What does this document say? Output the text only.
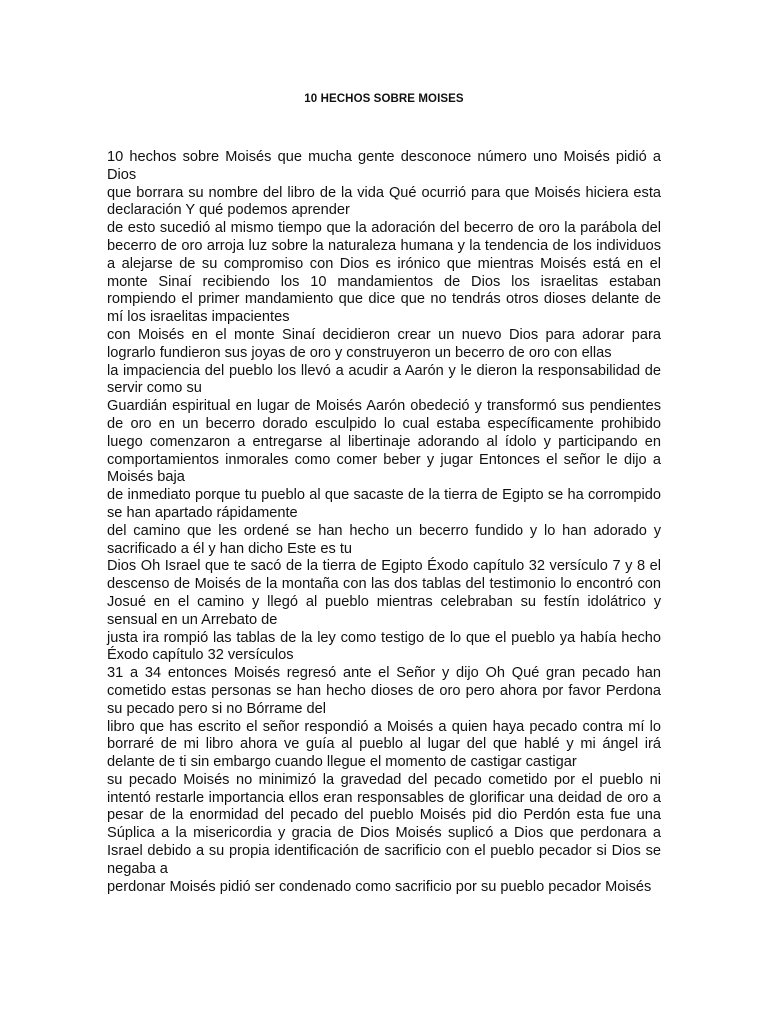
10 HECHOS SOBRE MOISES
10 hechos sobre Moisés que mucha gente desconoce número uno Moisés pidió a Dios
que borrara su nombre del libro de la vida Qué ocurrió para que Moisés hiciera esta declaración Y qué podemos aprender
de esto sucedió al mismo tiempo que la adoración del becerro de oro la parábola del becerro de oro arroja luz sobre la naturaleza humana y la tendencia de los individuos a alejarse de su compromiso con Dios es irónico que mientras Moisés está en el monte Sinaí recibiendo los 10 mandamientos de Dios los israelitas estaban rompiendo el primer mandamiento que dice que no tendrás otros dioses delante de mí los israelitas impacientes
con Moisés en el monte Sinaí decidieron crear un nuevo Dios para adorar para lograrlo fundieron sus joyas de oro y construyeron un becerro de oro con ellas
la impaciencia del pueblo los llevó a acudir a Aarón y le dieron la responsabilidad de servir como su
Guardián espiritual en lugar de Moisés Aarón obedeció y transformó sus pendientes de oro en un becerro dorado esculpido lo cual estaba específicamente prohibido luego comenzaron a entregarse al libertinaje adorando al ídolo y participando en comportamientos inmorales como comer beber y jugar Entonces el señor le dijo a Moisés baja
de inmediato porque tu pueblo al que sacaste de la tierra de Egipto se ha corrompido se han apartado rápidamente
del camino que les ordené se han hecho un becerro fundido y lo han adorado y sacrificado a él y han dicho Este es tu
Dios Oh Israel que te sacó de la tierra de Egipto Éxodo capítulo 32 versículo 7 y 8 el descenso de Moisés de la montaña con las dos tablas del testimonio lo encontró con Josué en el camino y llegó al pueblo mientras celebraban su festín idolátrico y sensual en un Arrebato de
justa ira rompió las tablas de la ley como testigo de lo que el pueblo ya había hecho Éxodo capítulo 32 versículos
31 a 34 entonces Moisés regresó ante el Señor y dijo Oh Qué gran pecado han cometido estas personas se han hecho dioses de oro pero ahora por favor Perdona su pecado pero si no Bórrame del
libro que has escrito el señor respondió a Moisés a quien haya pecado contra mí lo borraré de mi libro ahora ve guía al pueblo al lugar del que hablé y mi ángel irá delante de ti sin embargo cuando llegue el momento de castigar castigar
su pecado Moisés no minimizó la gravedad del pecado cometido por el pueblo ni intentó restarle importancia ellos eran responsables de glorificar una deidad de oro a pesar de la enormidad del pecado del pueblo Moisés pid dio Perdón esta fue una Súplica a la misericordia y gracia de Dios Moisés suplicó a Dios que perdonara a Israel debido a su propia identificación de sacrificio con el pueblo pecador si Dios se negaba a
perdonar Moisés pidió ser condenado como sacrificio por su pueblo pecador Moisés
